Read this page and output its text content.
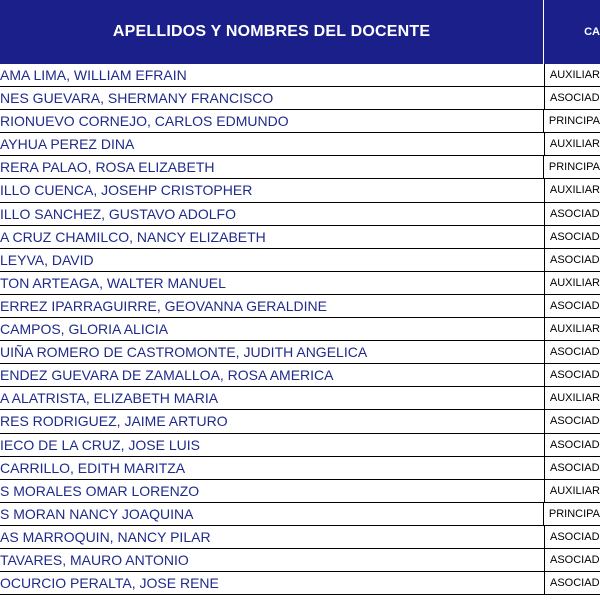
APELLIDOS Y NOMBRES DEL DOCENTE	CA
AMA LIMA, WILLIAM EFRAIN	AUXILIAR
NES GUEVARA, SHERMANY FRANCISCO	ASOCIAD
RIONUEVO CORNEJO, CARLOS EDMUNDO	PRINCIPA
AYHUA PEREZ DINA	AUXILIAR
RERA PALAO, ROSA ELIZABETH	PRINCIPA
ILLO CUENCA, JOSEHP CRISTOPHER	AUXILIAR
ILLO SANCHEZ, GUSTAVO ADOLFO	ASOCIAD
A CRUZ CHAMILCO, NANCY ELIZABETH	ASOCIAD
LEYVA, DAVID	ASOCIAD
TON ARTEAGA, WALTER MANUEL	AUXILIAR
ERREZ IPARRAGUIRRE, GEOVANNA GERALDINE	ASOCIAD
CAMPOS, GLORIA ALICIA	AUXILIAR
UIÑA ROMERO DE CASTROMONTE, JUDITH ANGELICA	ASOCIAD
ENDEZ GUEVARA DE ZAMALLOA, ROSA AMERICA	ASOCIAD
A ALATRISTA, ELIZABETH MARIA	AUXILIAR
RES RODRIGUEZ, JAIME ARTURO	ASOCIAD
IECO DE LA CRUZ, JOSE LUIS	ASOCIAD
CARRILLO, EDITH MARITZA	ASOCIAD
S MORALES OMAR LORENZO	AUXILIAR
S MORAN NANCY JOAQUINA	PRINCIPA
AS MARROQUIN, NANCY PILAR	ASOCIAD
TAVARES, MAURO ANTONIO	ASOCIAD
OCURCIO PERALTA, JOSE RENE	ASOCIAD
